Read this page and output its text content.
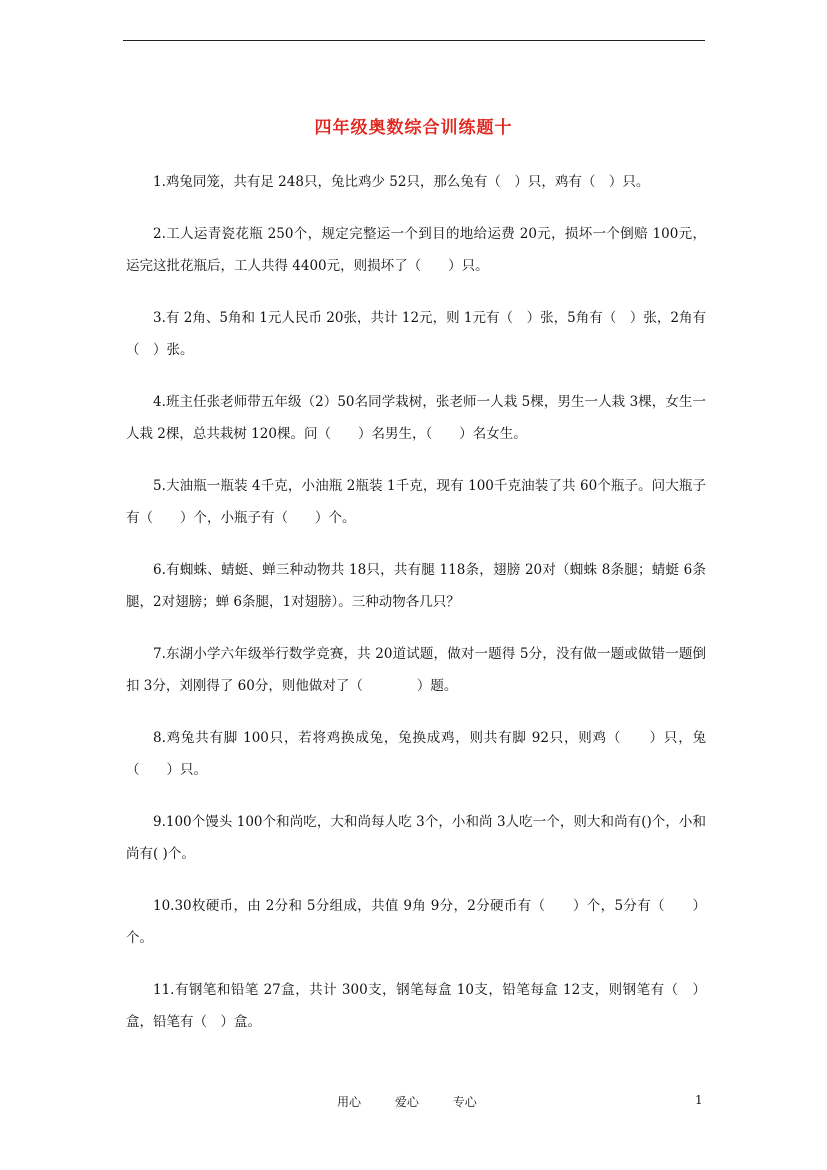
四年级奥数综合训练题十

1.鸡兔同笼，共有足 248只，兔比鸡少 52只，那么兔有（　）只，鸡有（　）只。

2.工人运青瓷花瓶 250个，规定完整运一个到目的地给运费 20元，损坏一个倒赔 100元，运完这批花瓶后，工人共得 4400元，则损坏了（　　）只。

3.有 2角、5角和 1元人民币 20张，共计 12元，则 1元有（　）张，5角有（　）张，2角有（　）张。

4.班主任张老师带五年级（2）50名同学栽树，张老师一人栽 5棵，男生一人栽 3棵，女生一人栽 2棵，总共栽树 120棵。问（　　）名男生，（　　）名女生。

5.大油瓶一瓶装 4千克，小油瓶 2瓶装 1千克，现有 100千克油装了共 60个瓶子。问大瓶子有（　　）个，小瓶子有（　　）个。

6.有蜘蛛、蜻蜓、蝉三种动物共 18只，共有腿 118条，翅膀 20对（蜘蛛 8条腿；蜻蜓 6条腿，2对翅膀；蝉 6条腿，1对翅膀）。三种动物各几只？

7.东湖小学六年级举行数学竞赛，共 20道试题，做对一题得 5分，没有做一题或做错一题倒扣 3分，刘刚得了 60分，则他做对了（　　　　）题。

8.鸡兔共有脚 100只，若将鸡换成兔，兔换成鸡，则共有脚 92只，则鸡（　　）只，兔（　　）只。

9.100个馒头 100个和尚吃，大和尚每人吃 3个，小和尚 3人吃一个，则大和尚有()个，小和尚有( )个。

10.30枚硬币，由 2分和 5分组成，共值 9角 9分，2分硬币有（　　）个，5分有（　　）个。

11.有钢笔和铅笔 27盒，共计 300支，钢笔每盒 10支，铅笔每盒 12支，则钢笔有（　）盒，铅笔有（　）盒。

用心	爱心	专心	1
